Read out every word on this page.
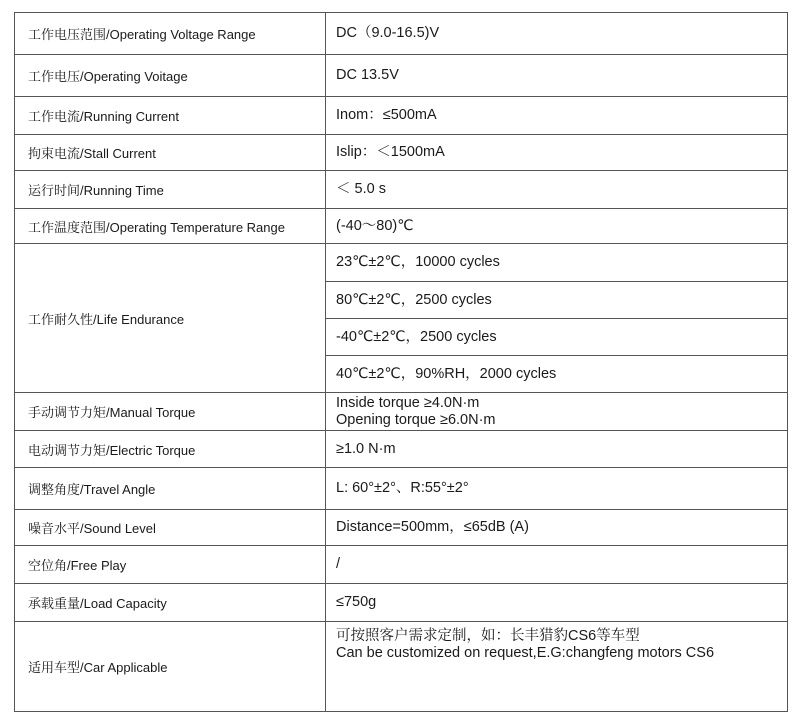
工作电压范围/Operating Voltage Range	DC（9.0-16.5)V

工作电压/Operating Voitage	DC 13.5V

工作电流/Running Current	Inom：≤500mA

拘束电流/Stall Current	Islip：＜1500mA

运行时间/Running Time	＜ 5.0 s

工作温度范围/Operating Temperature Range	(-40～80)℃

工作耐久性/Life Endurance	23℃±2℃，10000 cycles

	80℃±2℃，2500 cycles

	-40℃±2℃，2500 cycles

	40℃±2℃，90%RH，2000 cycles

手动调节力矩/Manual Torque	Inside torque ≥4.0N·m
Opening torque ≥6.0N·m

电动调节力矩/Electric Torque	≥1.0 N·m

调整角度/Travel Angle	L: 60°±2°、R:55°±2°

噪音水平/Sound Level	Distance=500mm，≤65dB (A)

空位角/Free Play	/

承载重量/Load Capacity	≤750g

适用车型/Car Applicable	可按照客户需求定制，如：长丰猎豹CS6等车型
Can be customized on request,E.G:changfeng motors CS6
